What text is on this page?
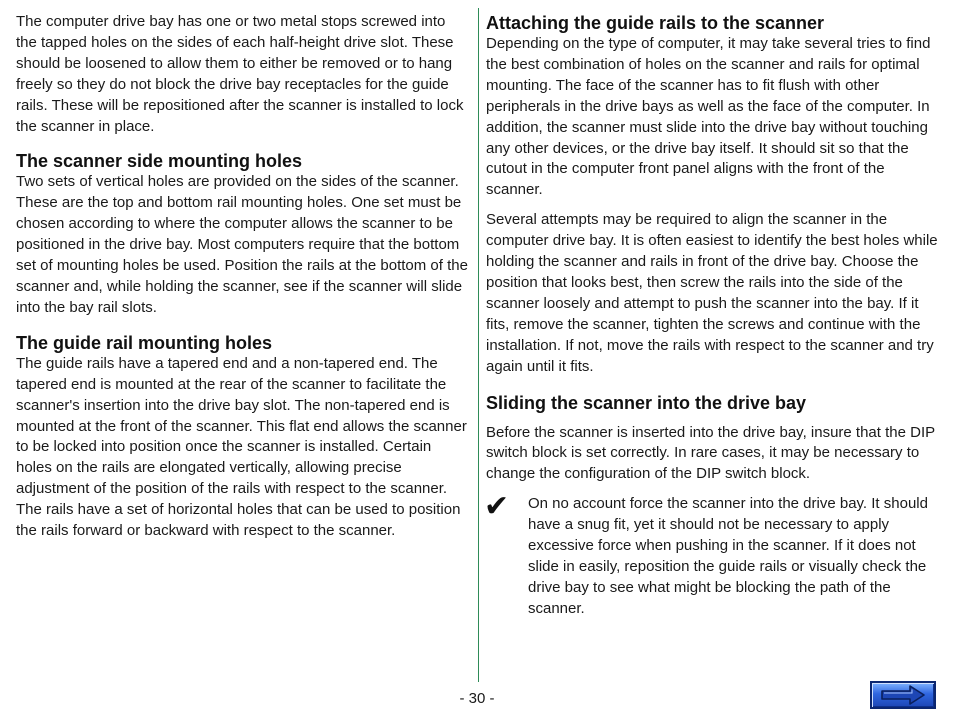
The computer drive bay has one or two metal stops screwed into the tapped holes on the sides of each half-height drive slot. These should be loosened to allow them to either be removed or to hang freely so they do not block the drive bay receptacles for the guide rails. These will be repositioned after the scanner is installed to lock the scanner in place.

The scanner side mounting holes

Two sets of vertical holes are provided on the sides of the scanner. These are the top and bottom rail mounting holes. One set must be chosen according to where the computer allows the scanner to be positioned in the drive bay. Most computers require that the bottom set of mounting holes be used. Position the rails at the bottom of the scanner and, while holding the scanner, see if the scanner will slide into the bay rail slots.

The guide rail mounting holes

The guide rails have a tapered end and a non-tapered end. The tapered end is mounted at the rear of the scanner to facilitate the scanner's insertion into the drive bay slot. The non-tapered end is mounted at the front of the scanner. This flat end allows the scanner to be locked into position once the scanner is installed. Certain holes on the rails are elongated vertically, allowing precise adjustment of the position of the rails with respect to the scanner. The rails have a set of horizontal holes that can be used to position the rails forward or backward with respect to the scanner.

Attaching the guide rails to the scanner

Depending on the type of computer, it may take several tries to find the best combination of holes on the scanner and rails for optimal mounting. The face of the scanner has to fit flush with other peripherals in the drive bays as well as the face of the computer. In addition, the scanner must slide into the drive bay without touching any other devices, or the drive bay itself. It should sit so that the cutout in the computer front panel aligns with the front of the scanner.

Several attempts may be required to align the scanner in the computer drive bay. It is often easiest to identify the best holes while holding the scanner and rails in front of the drive bay. Choose the position that looks best, then screw the rails into the side of the scanner loosely and attempt to push the scanner into the bay. If it fits, remove the scanner, tighten the screws and continue with the installation. If not, move the rails with respect to the scanner and try again until it fits.

Sliding the scanner into the drive bay

Before the scanner is inserted into the drive bay, insure that the DIP switch block is set correctly. In rare cases, it may be necessary to change the configuration of the DIP switch block.

✔ On no account force the scanner into the drive bay. It should have a snug fit, yet it should not be necessary to apply excessive force when pushing in the scanner. If it does not slide in easily, reposition the guide rails or visually check the drive bay to see what might be blocking the path of the scanner.

- 30 -
